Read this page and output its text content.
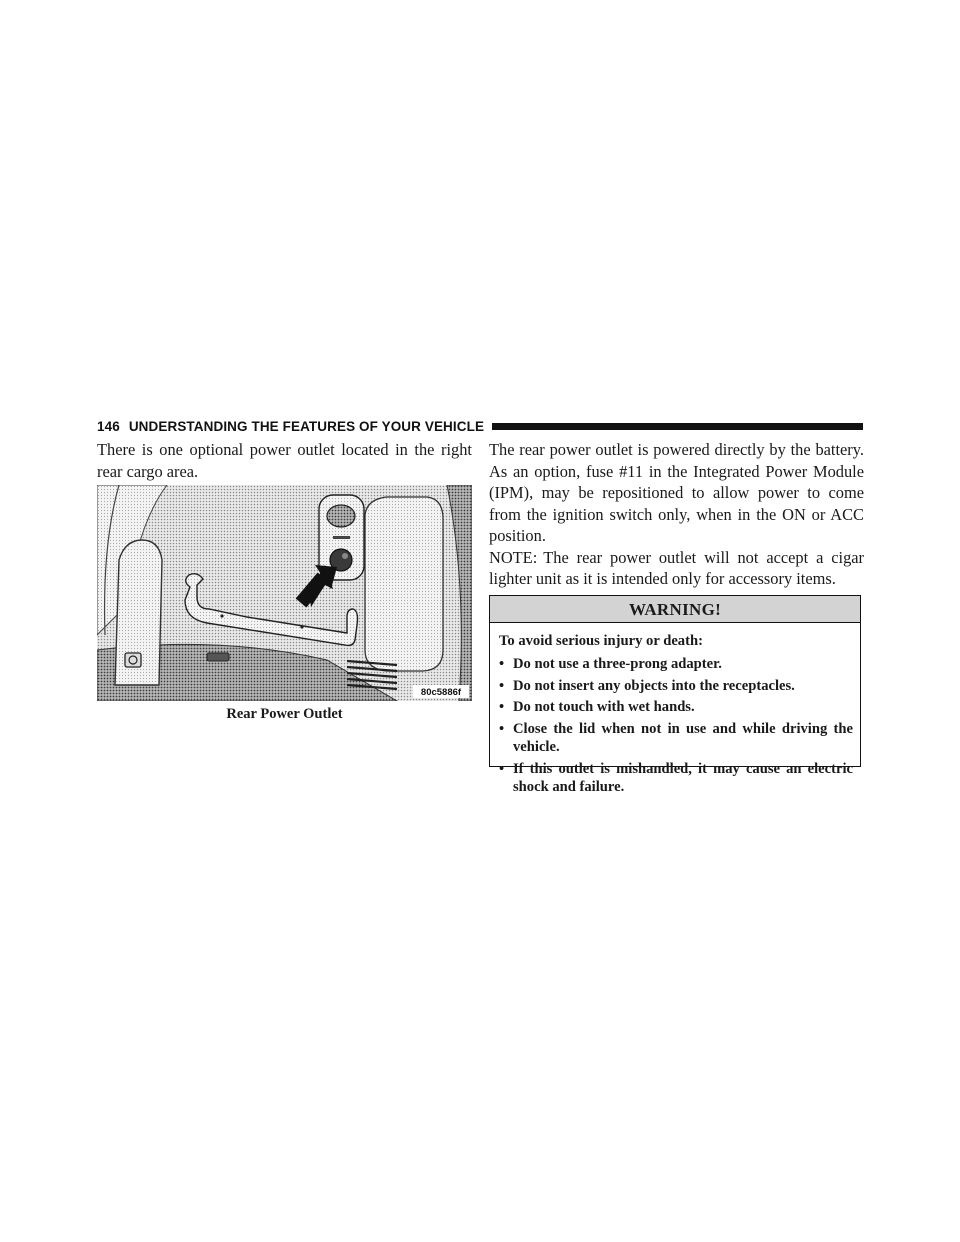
146 UNDERSTANDING THE FEATURES OF YOUR VEHICLE

There is one optional power outlet located in the right rear cargo area.

80c5886f
Rear Power Outlet

The rear power outlet is powered directly by the battery. As an option, fuse #11 in the Integrated Power Module (IPM), may be repositioned to allow power to come from the ignition switch only, when in the ON or ACC position.

NOTE: The rear power outlet will not accept a cigar lighter unit as it is intended only for accessory items.

WARNING!

To avoid serious injury or death:

• Do not use a three-prong adapter.
• Do not insert any objects into the receptacles.
• Do not touch with wet hands.
• Close the lid when not in use and while driving the vehicle.
• If this outlet is mishandled, it may cause an electric shock and failure.
